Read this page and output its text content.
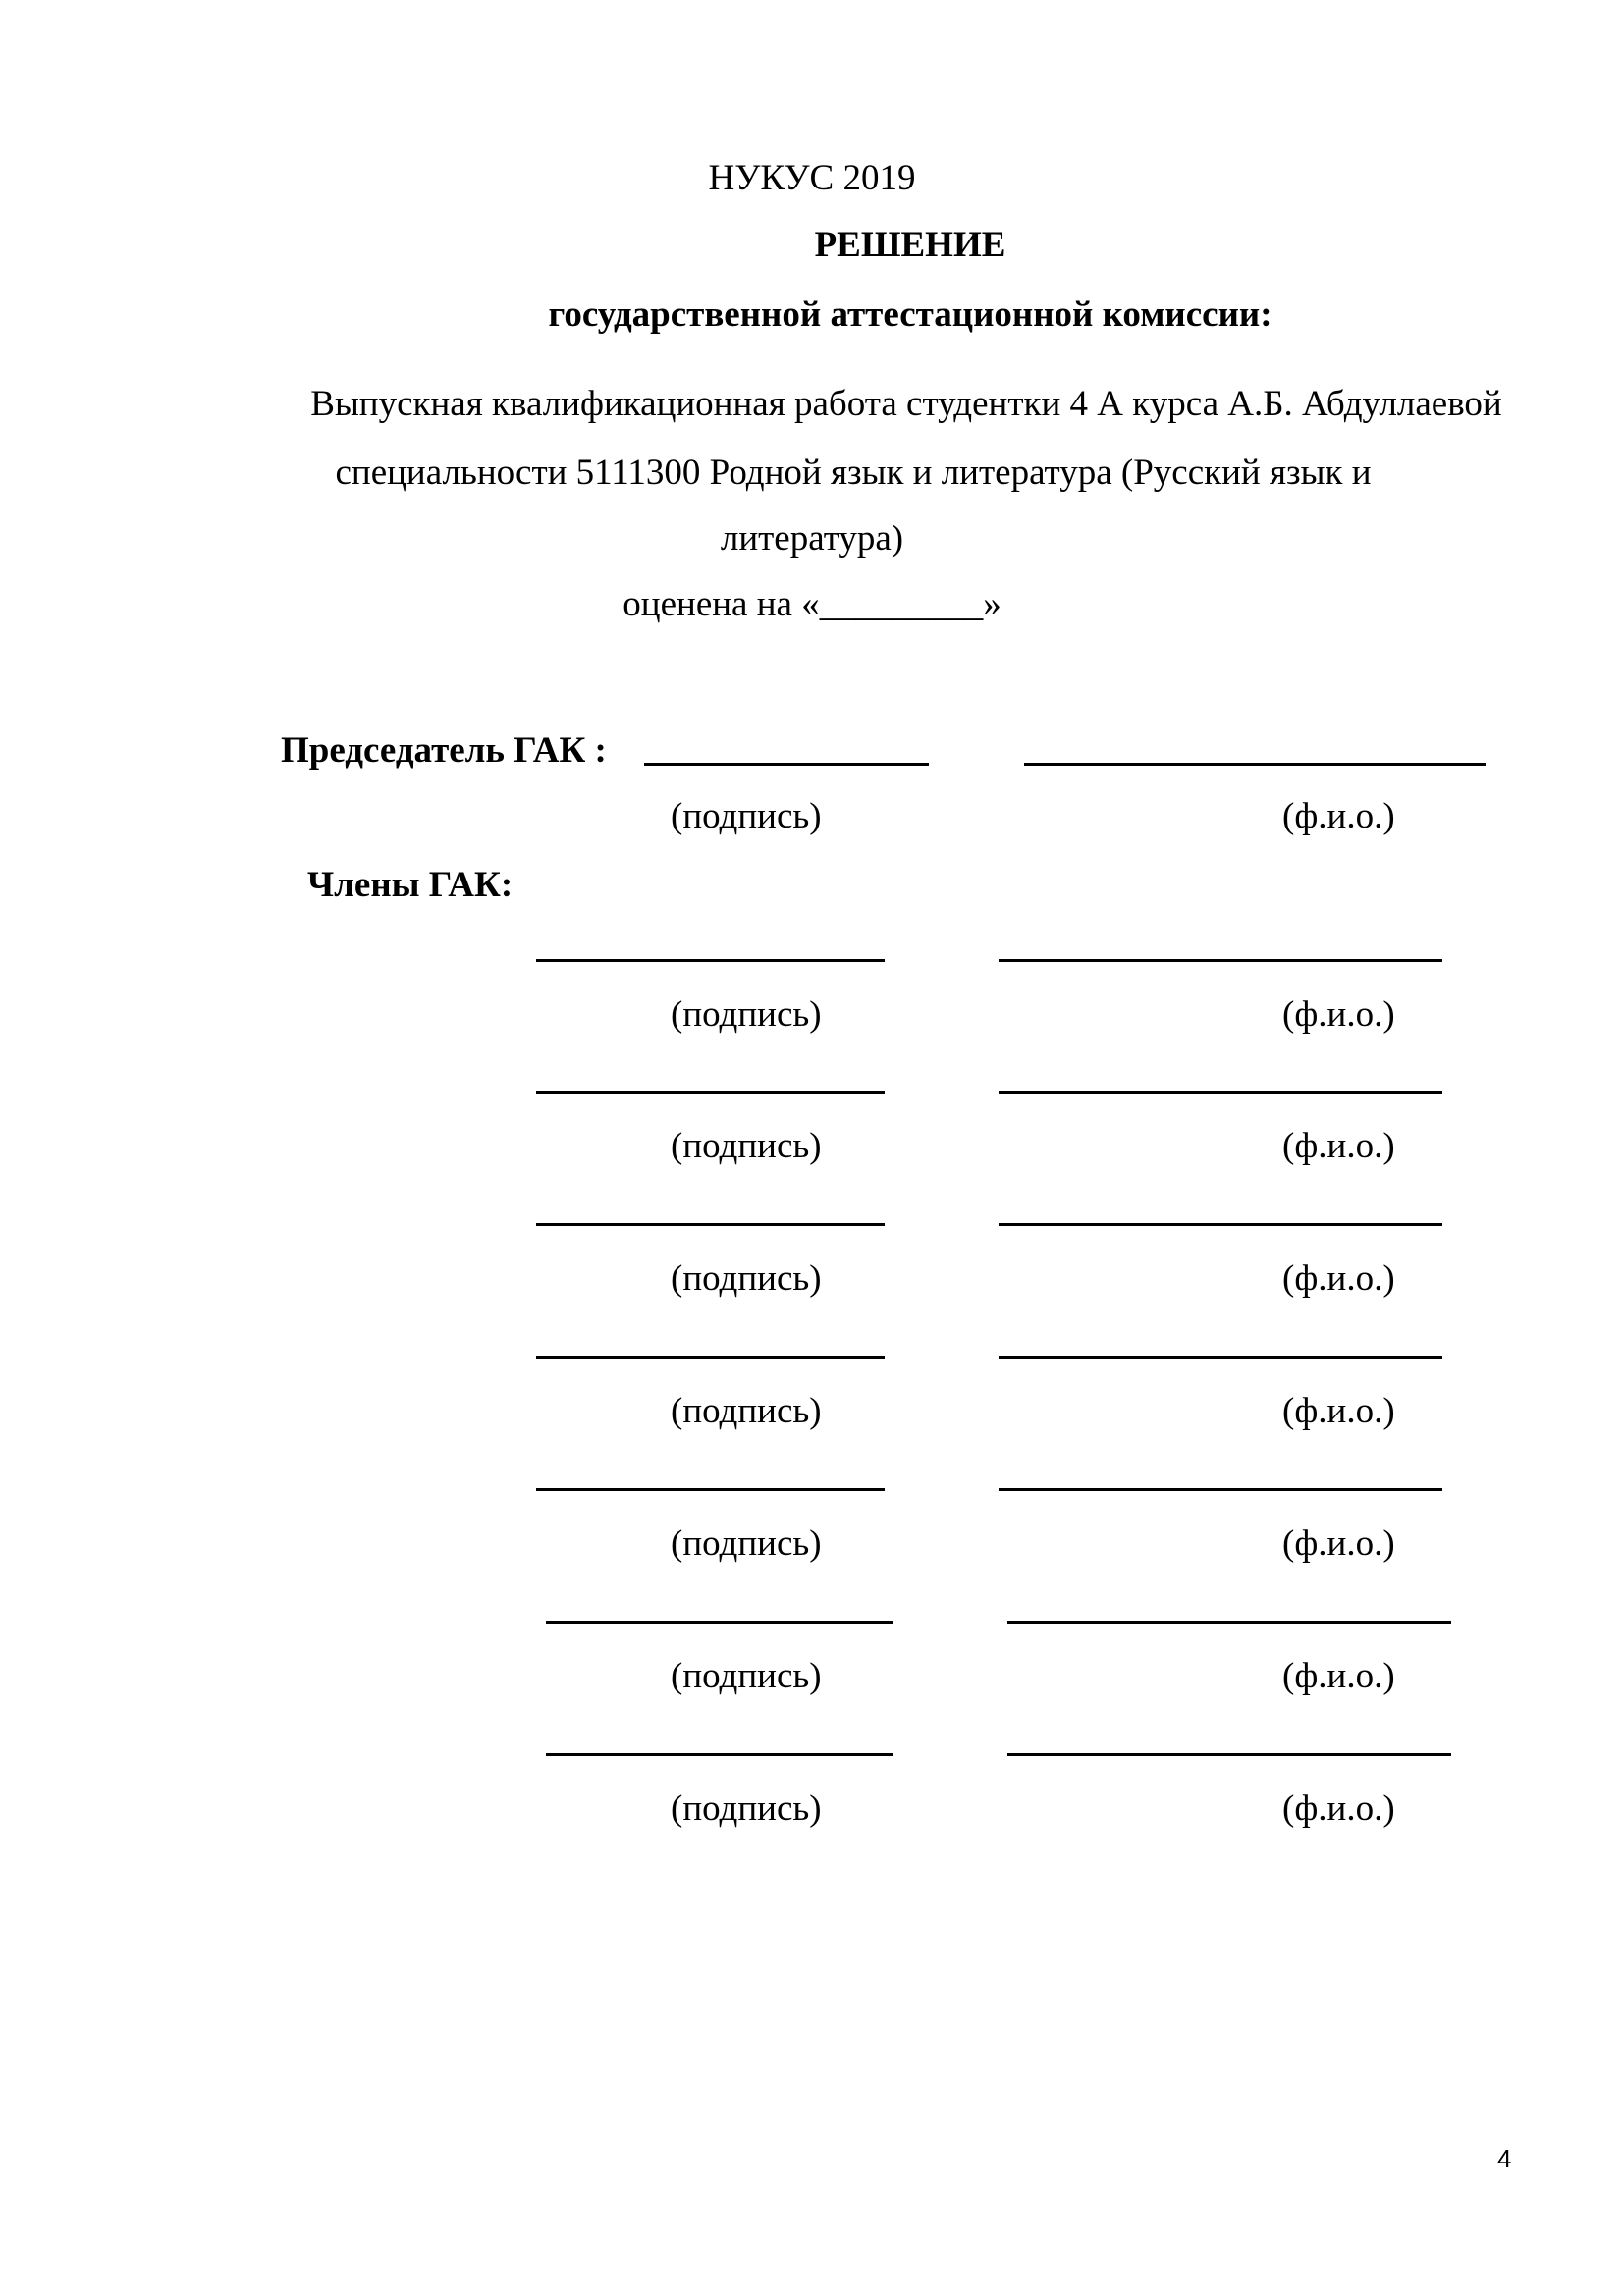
НУКУС 2019
РЕШЕНИЕ
государственной аттестационной комиссии:
Выпускная квалификационная работа студентки 4 А курса А.Б. Абдуллаевой
специальности 5111300 Родной язык и литература (Русский язык и
литература)
оценена на «_________»
Председатель ГАК :
(подпись)	(ф.и.о.)
Члены ГАК:
(подпись)	(ф.и.о.)
(подпись)	(ф.и.о.)
(подпись)	(ф.и.о.)
(подпись)	(ф.и.о.)
(подпись)	(ф.и.о.)
(подпись)	(ф.и.о.)
(подпись)	(ф.и.о.)
4
